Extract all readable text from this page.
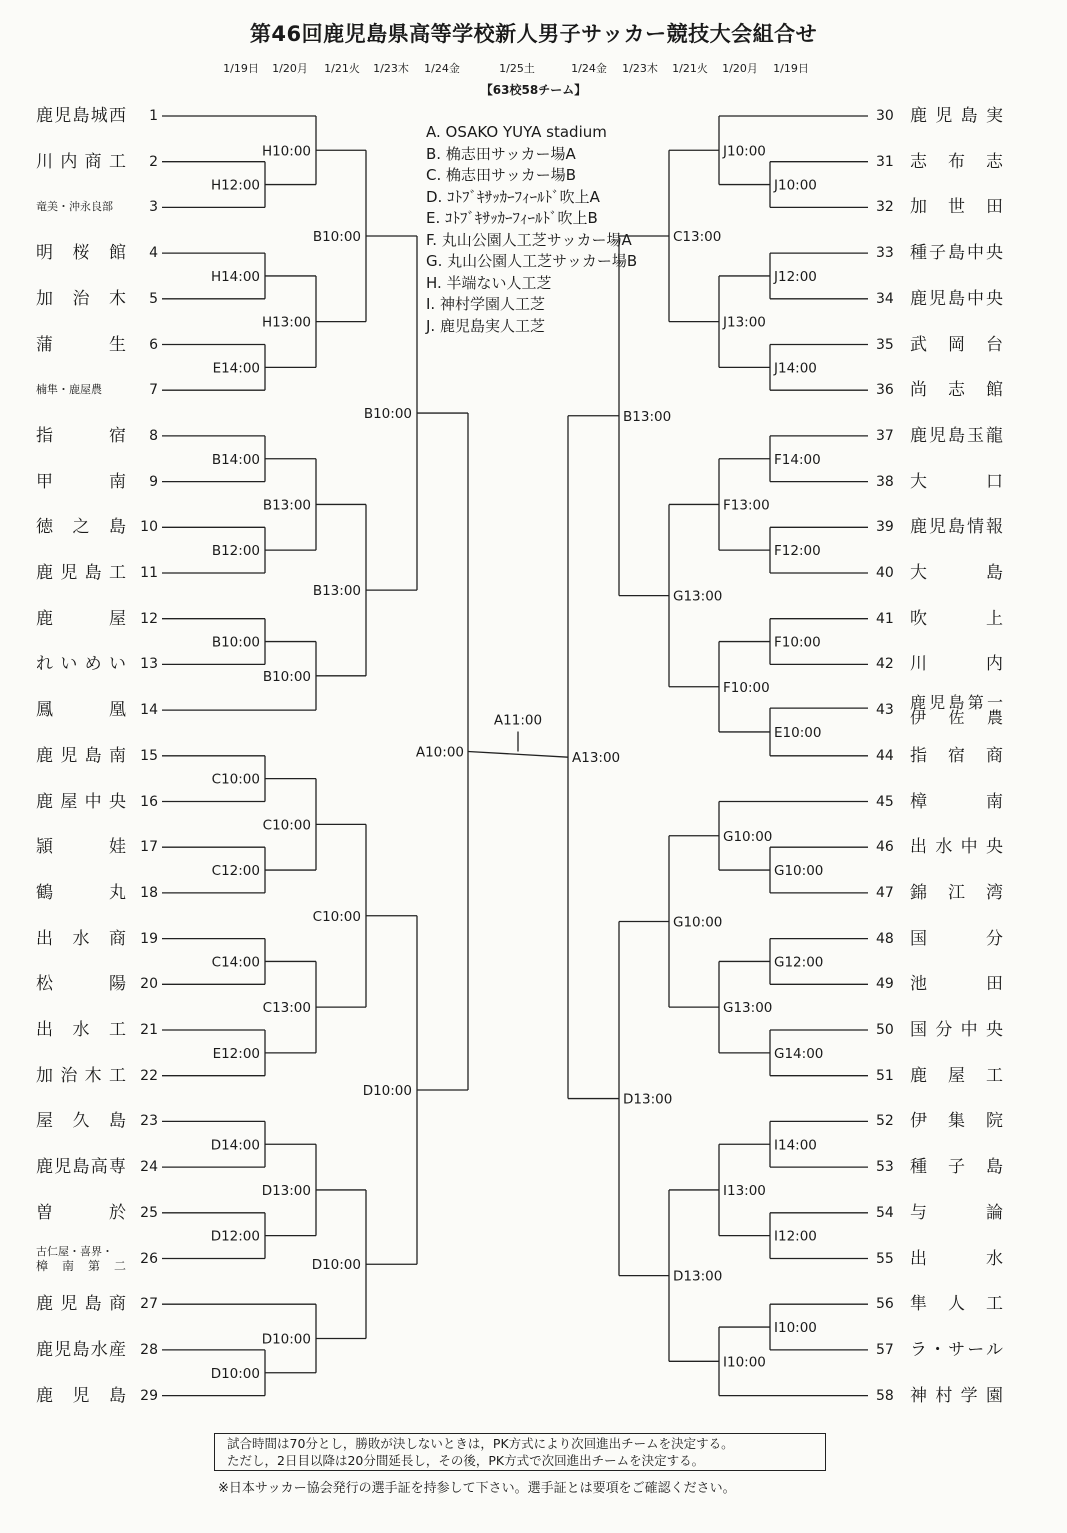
第46回鹿児島県高等学校新人男子サッカー競技大会組合せ
1/19日 1/20月 1/21火 1/23木 1/24金	1/25土	1/24金 1/23木 1/21火 1/20月 1/19日
【63校58チーム】
A. OSAKO YUYA stadium
B. 桷志田サッカー場A
C. 桷志田サッカー場B
D. ｺﾄﾌﾞｷｻｯｶｰﾌｨｰﾙﾄﾞ吹上A
E. ｺﾄﾌﾞｷｻｯｶｰﾌｨｰﾙﾄﾞ吹上B
F. 丸山公園人工芝サッカー場A
G. 丸山公園人工芝サッカー場B
H. 半端ない人工芝
I. 神村学園人工芝
J. 鹿児島実人工芝
1
鹿児島城西
2
川内商工
3
竜美・沖永良部
4
明桜館
5
加治木
6
蒲生
7
楠隼・鹿屋農
8
指宿
9
甲南
10
徳之島
11
鹿児島工
12
鹿屋
13
れいめい
14
鳳凰
15
鹿児島南
16
鹿屋中央
17
頴娃
18
鶴丸
19
出水商
20
松陽
21
出水工
22
加治木工
23
屋久島
24
鹿児島高専
25
曽於
26
古仁屋・喜界・
樟南第二
27
鹿児島商
28
鹿児島水産
29
鹿児島
30 鹿児島実
31 志布志
32 加世田
33 種子島中央
34 鹿児島中央
35 武岡台
36 尚志館
37 鹿児島玉龍
38 大口
39 鹿児島情報
40 大島
41 吹上
42 川内
43	鹿児島第一
伊佐農
44 指宿商
45 樟南
46 出水中央
47 錦江湾
48 国分
49 池田
50 国分中央
51 鹿屋工
52 伊集院
53 種子島
54 与論
55 出水
56 隼人工
57 ラ・サール
58 神村学園
H12:00
H10:00
H14:00
E14:00
H13:00
B10:00
B14:00
B12:00
B13:00
B10:00
B10:00
B13:00
B10:00
C10:00
C12:00
C10:00
C14:00
E12:00
C13:00
C10:00
D14:00
D12:00
D13:00
D10:00
D10:00
D10:00
D10:00
A10:00
J10:00
J10:00
J12:00
J14:00
J13:00
C13:00
F14:00
F12:00
F13:00
F10:00
E10:00
F10:00
G13:00
B13:00
G10:00
G10:00
G12:00
G14:00
G13:00
G10:00
I14:00
I12:00
I13:00
I10:00
I10:00
D13:00
D13:00
A13:00
A11:00
試合時間は70分とし，勝敗が決しないときは，PK方式により次回進出チームを決定する。
ただし，2日目以降は20分間延長し，その後，PK方式で次回進出チームを決定する。
※日本サッカー協会発行の選手証を持参して下さい。選手証とは要項をご確認ください。
